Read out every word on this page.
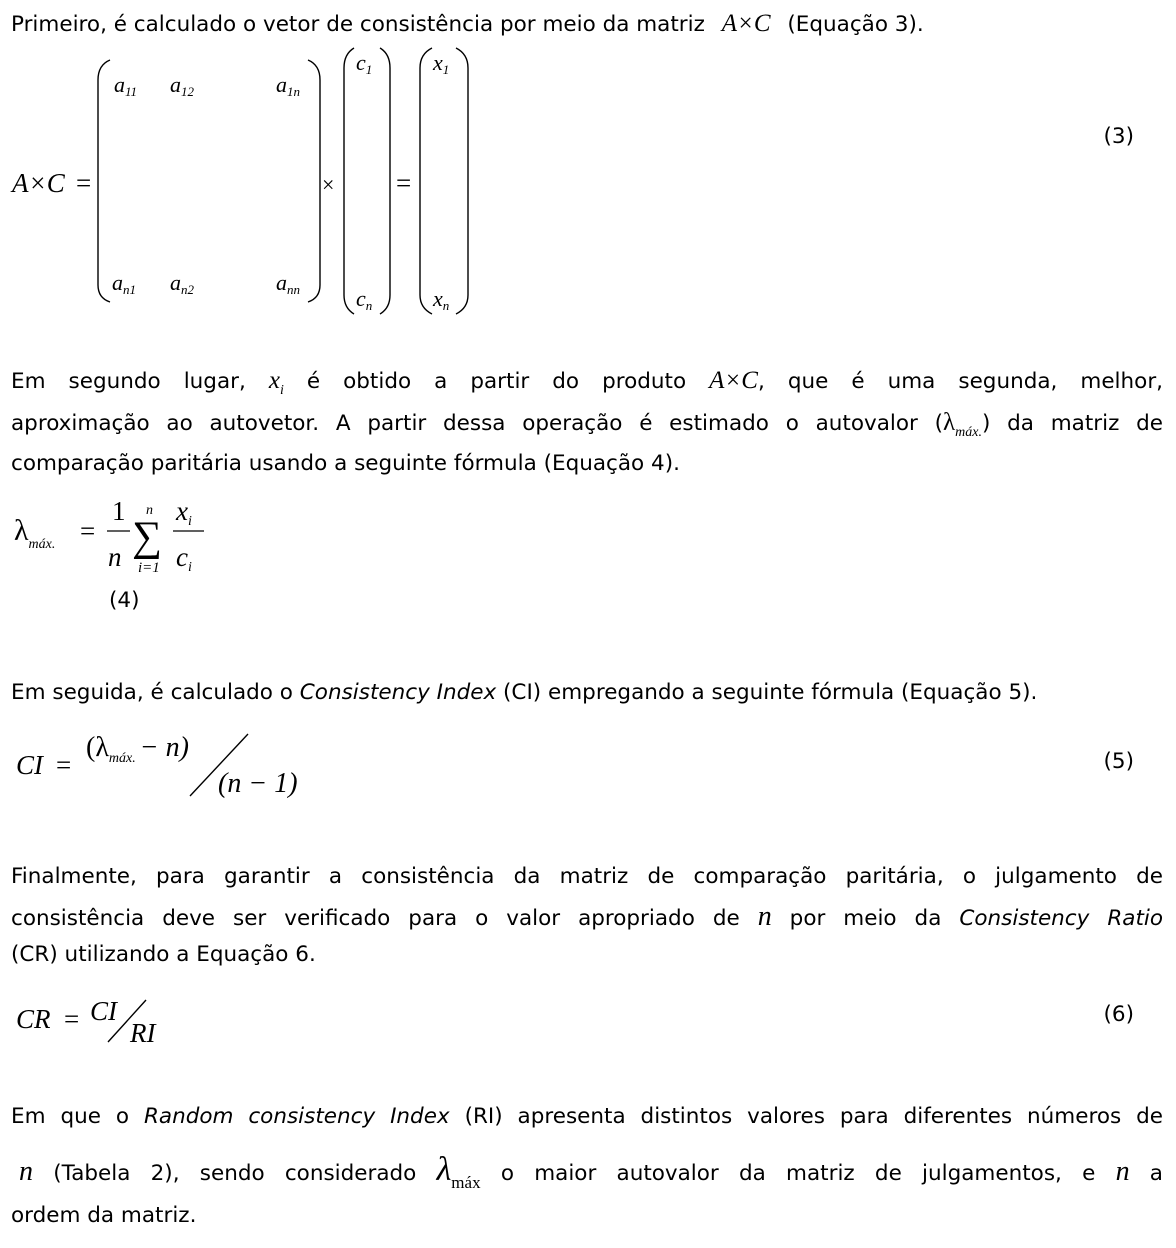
Primeiro, é calculado o vetor de consistência por meio da matriz A×C (Equação 3).
A×C =
a11 a12	a1n
an1 an2	ann
×
c1
cn
=
x1
xn
(3)
Em segundo lugar, $x_i$ é obtido a partir do produto A×C, que é uma segunda, melhor,
aproximação ao autovetor. A partir dessa operação é estimado o autovalor $(\lambda_{máx.})$ da matriz de
comparação paritária usando a seguinte fórmula (Equação 4).
$\lambda_{máx.}$ =
1
n
n
∑
i=1
xi
ci
(4)
Em seguida, é calculado o Consistency Index (CI) empregando a seguinte fórmula (Equação 5).
CI =
$(\lambda_{máx.} - n)$
(n − 1)
(5)
Finalmente, para garantir a consistência da matriz de comparação paritária, o julgamento de
consistência deve ser verificado para o valor apropriado de n por meio da Consistency Ratio
(CR) utilizando a Equação 6.
CR = CI
RI
(6)
Em que o Random consistency Index (RI) apresenta distintos valores para diferentes números de
n (Tabela 2), sendo considerado $\lambda_{máx}$ o maior autovalor da matriz de julgamentos, e n a
ordem da matriz.
